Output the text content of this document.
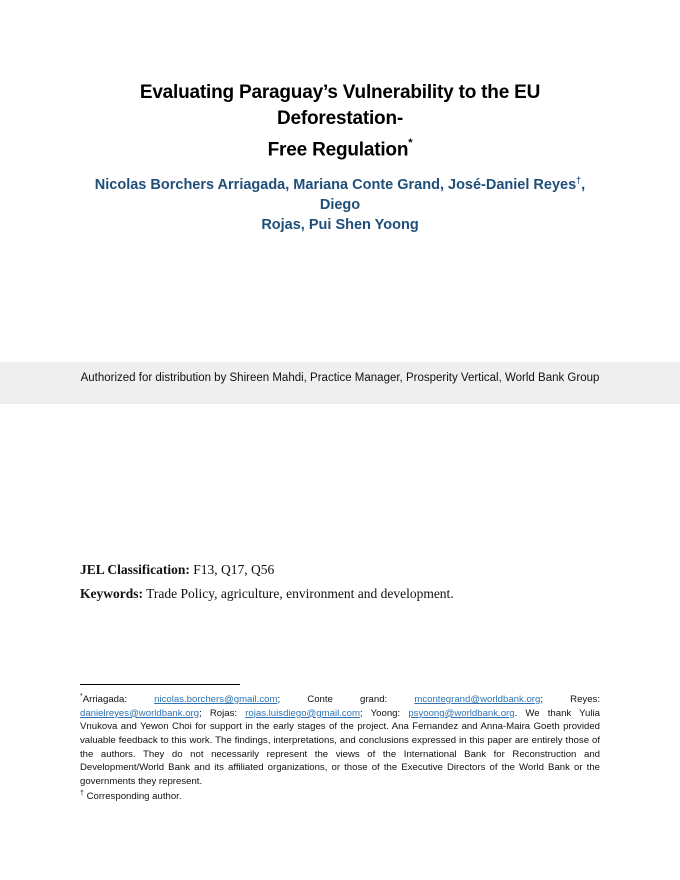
Evaluating Paraguay’s Vulnerability to the EU Deforestation-
Free Regulation*
Nicolas Borchers Arriagada, Mariana Conte Grand, José-Daniel Reyes†, Diego
Rojas, Pui Shen Yoong
Authorized for distribution by Shireen Mahdi, Practice Manager, Prosperity Vertical, World Bank Group
JEL Classification: F13, Q17, Q56
Keywords: Trade Policy, agriculture, environment and development.
*Arriagada:	nicolas.borchers@gmail.com;	Conte grand:	mcontegrand@worldbank.org;	Reyes: danielreyes@worldbank.org; Rojas: rojas.luisdiego@gmail.com; Yoong: psyoong@worldbank.org. We thank Yulia Vnukova and Yewon Choi for support in the early stages of the project. Ana Fernandez and Anna-Maira Goeth provided valuable feedback to this work. The findings, interpretations, and conclusions expressed in this paper are entirely those of the authors. They do not necessarily represent the views of the International Bank for Reconstruction and Development/World Bank and its affiliated organizations, or those of the Executive Directors of the World Bank or the governments they represent.
† Corresponding author.
